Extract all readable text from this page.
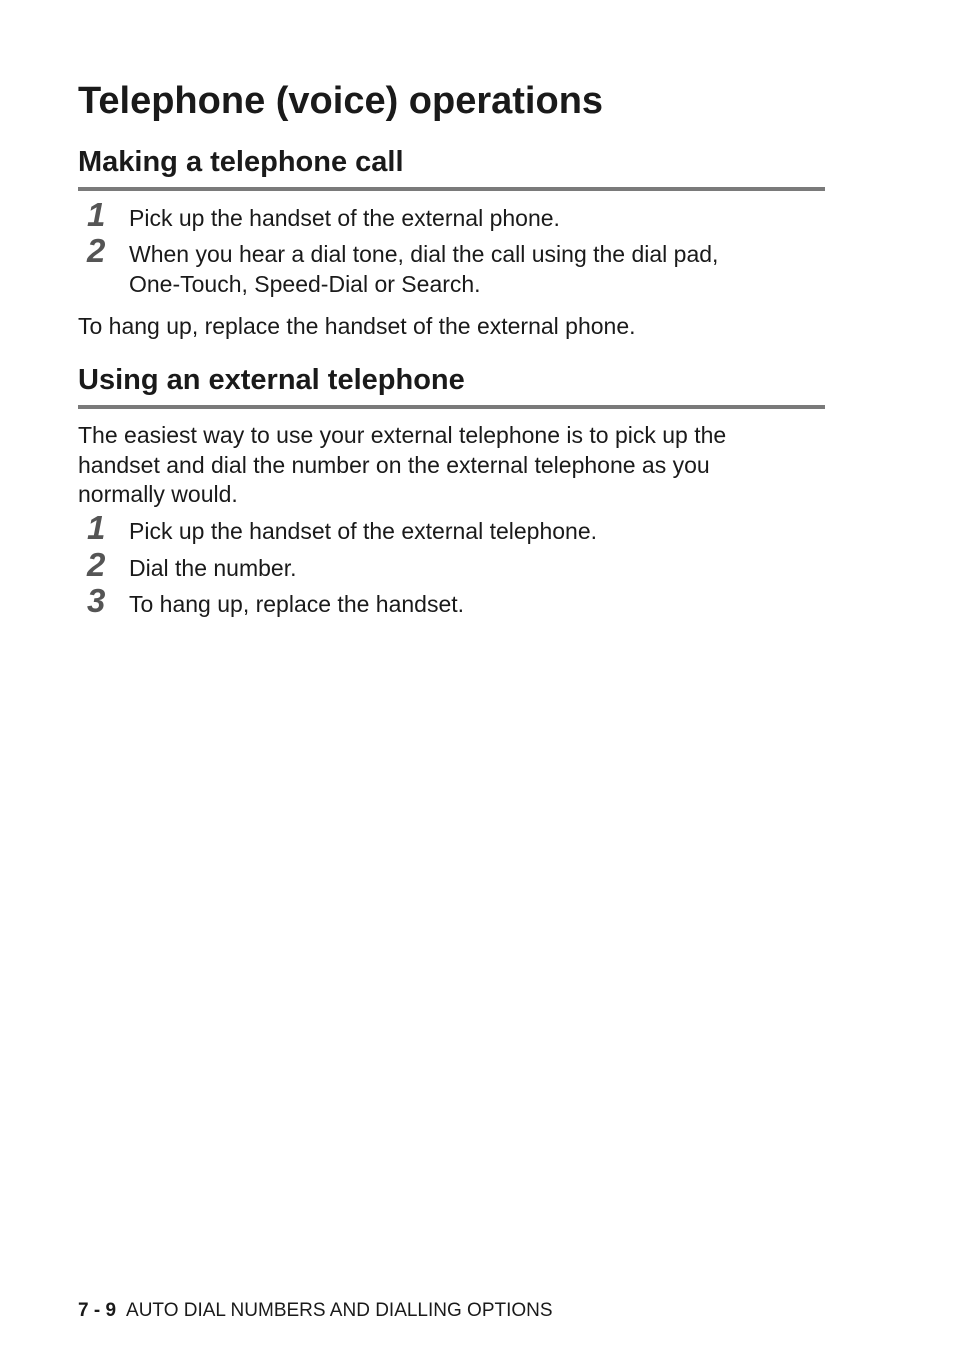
Telephone (voice) operations
Making a telephone call
1 Pick up the handset of the external phone.
2 When you hear a dial tone, dial the call using the dial pad,
One-Touch, Speed-Dial or Search.

To hang up, replace the handset of the external phone.

Using an external telephone

The easiest way to use your external telephone is to pick up the

handset and dial the number on the external telephone as you

normally would.

1 Pick up the handset of the external telephone.
2 Dial the number.
3 To hang up, replace the handset.
7 - 9 AUTO DIAL NUMBERS AND DIALLING OPTIONS
